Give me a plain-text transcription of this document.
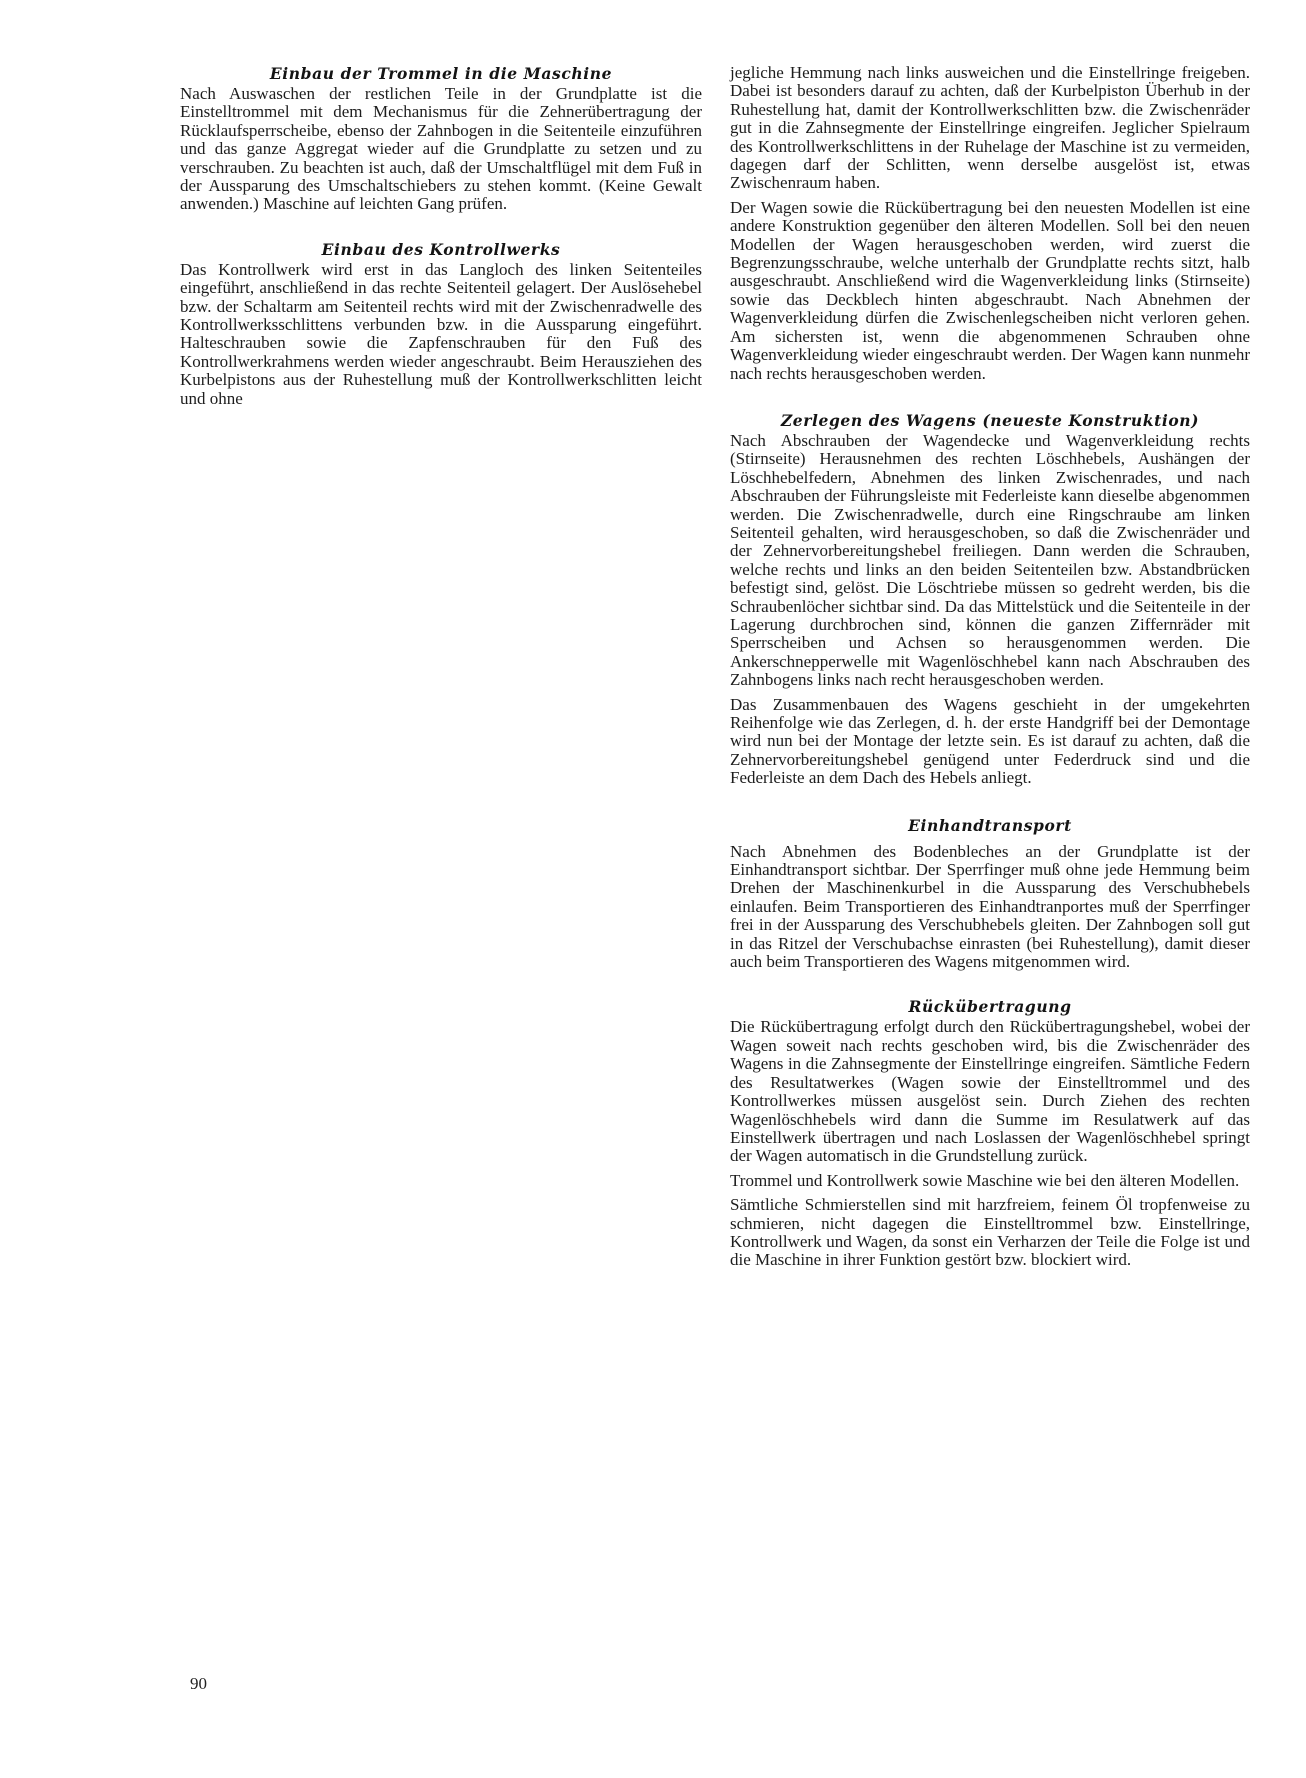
Einbau der Trommel in die Maschine

Nach Auswaschen der restlichen Teile in der Grundplatte ist die Einstelltrommel mit dem Mechanismus für die Zehnerübertragung der Rücklaufsperrscheibe, ebenso der Zahnbogen in die Seitenteile einzuführen und das ganze Aggregat wieder auf die Grundplatte zu setzen und zu verschrauben. Zu beachten ist auch, daß der Umschaltflügel mit dem Fuß in der Aussparung des Umschaltschiebers zu stehen kommt. (Keine Gewalt anwenden.) Maschine auf leichten Gang prüfen.

Einbau des Kontrollwerks

Das Kontrollwerk wird erst in das Langloch des linken Seitenteiles eingeführt, anschließend in das rechte Seitenteil gelagert. Der Auslösehebel bzw. der Schaltarm am Seitenteil rechts wird mit der Zwischenradwelle des Kontrollwerksschlittens verbunden bzw. in die Aussparung eingeführt. Halteschrauben sowie die Zapfenschrauben für den Fuß des Kontrollwerkrahmens werden wieder angeschraubt. Beim Herausziehen des Kurbelpistons aus der Ruhestellung muß der Kontrollwerkschlitten leicht und ohne

jegliche Hemmung nach links ausweichen und die Einstellringe freigeben. Dabei ist besonders darauf zu achten, daß der Kurbelpiston Überhub in der Ruhestellung hat, damit der Kontrollwerkschlitten bzw. die Zwischenräder gut in die Zahnsegmente der Einstellringe eingreifen. Jeglicher Spielraum des Kontrollwerkschlittens in der Ruhelage der Maschine ist zu vermeiden, dagegen darf der Schlitten, wenn derselbe ausgelöst ist, etwas Zwischenraum haben.

Der Wagen sowie die Rückübertragung bei den neuesten Modellen ist eine andere Konstruktion gegenüber den älteren Modellen. Soll bei den neuen Modellen der Wagen herausgeschoben werden, wird zuerst die Begrenzungsschraube, welche unterhalb der Grundplatte rechts sitzt, halb ausgeschraubt. Anschließend wird die Wagenverkleidung links (Stirnseite) sowie das Deckblech hinten abgeschraubt. Nach Abnehmen der Wagenverkleidung dürfen die Zwischenlegscheiben nicht verloren gehen. Am sichersten ist, wenn die abgenommenen Schrauben ohne Wagenverkleidung wieder eingeschraubt werden. Der Wagen kann nunmehr nach rechts herausgeschoben werden.

Zerlegen des Wagens (neueste Konstruktion)

Nach Abschrauben der Wagendecke und Wagenverkleidung rechts (Stirnseite) Herausnehmen des rechten Löschhebels, Aushängen der Löschhebelfedern, Abnehmen des linken Zwischenrades, und nach Abschrauben der Führungsleiste mit Federleiste kann dieselbe abgenommen werden. Die Zwischenradwelle, durch eine Ringschraube am linken Seitenteil gehalten, wird herausgeschoben, so daß die Zwischenräder und der Zehnervorbereitungshebel freiliegen. Dann werden die Schrauben, welche rechts und links an den beiden Seitenteilen bzw. Abstandbrücken befestigt sind, gelöst. Die Löschtriebe müssen so gedreht werden, bis die Schraubenlöcher sichtbar sind. Da das Mittelstück und die Seitenteile in der Lagerung durchbrochen sind, können die ganzen Ziffernräder mit Sperrscheiben und Achsen so herausgenommen werden. Die Ankerschnepperwelle mit Wagenlöschhebel kann nach Abschrauben des Zahnbogens links nach recht herausgeschoben werden.

Das Zusammenbauen des Wagens geschieht in der umgekehrten Reihenfolge wie das Zerlegen, d. h. der erste Handgriff bei der Demontage wird nun bei der Montage der letzte sein. Es ist darauf zu achten, daß die Zehnervorbereitungshebel genügend unter Federdruck sind und die Federleiste an dem Dach des Hebels anliegt.

Einhandtransport

Nach Abnehmen des Bodenbleches an der Grundplatte ist der Einhandtransport sichtbar. Der Sperrfinger muß ohne jede Hemmung beim Drehen der Maschinenkurbel in die Aussparung des Verschubhebels einlaufen. Beim Transportieren des Einhandtranportes muß der Sperrfinger frei in der Aussparung des Verschubhebels gleiten. Der Zahnbogen soll gut in das Ritzel der Verschubachse einrasten (bei Ruhestellung), damit dieser auch beim Transportieren des Wagens mitgenommen wird.

Rückübertragung

Die Rückübertragung erfolgt durch den Rückübertragungshebel, wobei der Wagen soweit nach rechts geschoben wird, bis die Zwischenräder des Wagens in die Zahnsegmente der Einstellringe eingreifen. Sämtliche Federn des Resultatwerkes (Wagen sowie der Einstelltrommel und des Kontrollwerkes müssen ausgelöst sein. Durch Ziehen des rechten Wagenlöschhebels wird dann die Summe im Resulatwerk auf das Einstellwerk übertragen und nach Loslassen der Wagenlöschhebel springt der Wagen automatisch in die Grundstellung zurück.

Trommel und Kontrollwerk sowie Maschine wie bei den älteren Modellen.

Sämtliche Schmierstellen sind mit harzfreiem, feinem Öl tropfenweise zu schmieren, nicht dagegen die Einstelltrommel bzw. Einstellringe, Kontrollwerk und Wagen, da sonst ein Verharzen der Teile die Folge ist und die Maschine in ihrer Funktion gestört bzw. blockiert wird.

90
